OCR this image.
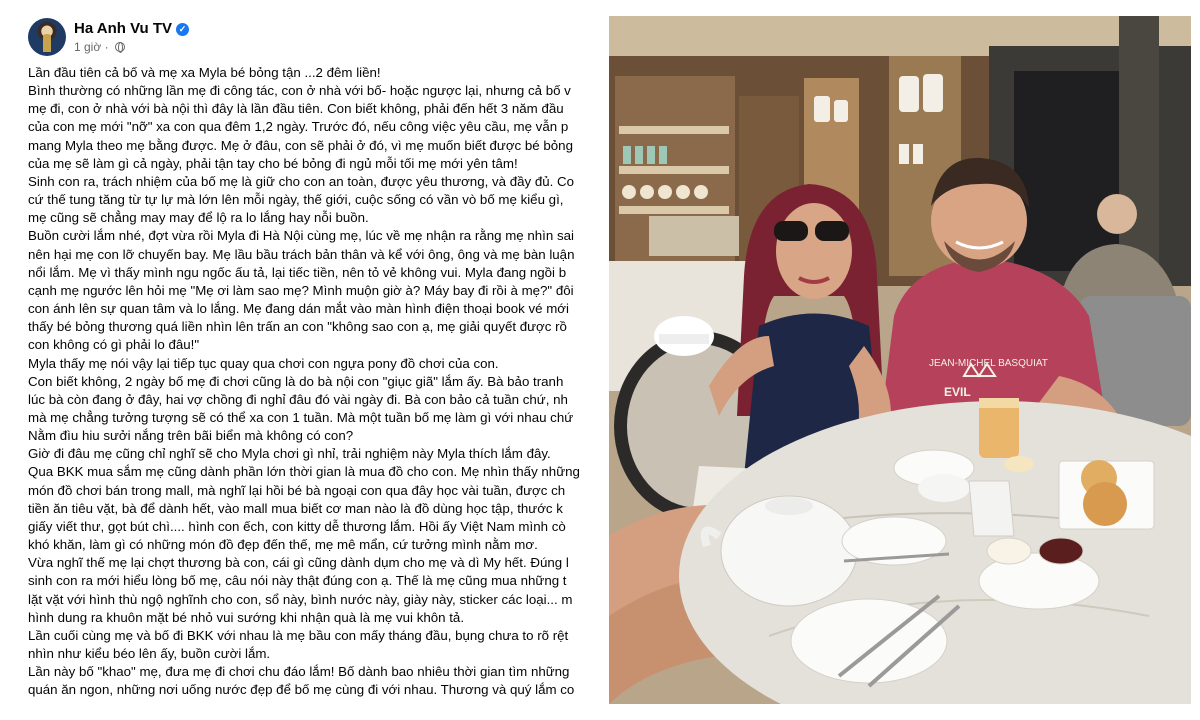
Ha Anh Vu TV ✓
1 giờ ·
Lần đầu tiên cả bố và mẹ xa Myla bé bỏng tận ...2 đêm liền!
Bình thường có những lần mẹ đi công tác, con ở nhà với bố- hoặc ngược lại, nhưng cả bố v
mẹ đi, con ở nhà với bà nội thì đây là lần đầu tiên. Con biết không, phải đến hết 3 năm đầu
của con mẹ mới "nỡ" xa con qua đêm 1,2 ngày. Trước đó, nếu công việc yêu cầu, mẹ vẫn p
mang Myla theo mẹ bằng được. Mẹ ở đâu, con sẽ phải ở đó, vì mẹ muốn biết được bé bỏng
của mẹ sẽ làm gì cả ngày, phải tận tay cho bé bỏng đi ngủ mỗi tối mẹ mới yên tâm!
Sinh con ra, trách nhiệm của bố mẹ là giữ cho con an toàn, được yêu thương, và đầy đủ. Co
cứ thế tung tăng từ tự lự mà lớn lên mỗi ngày, thế giới, cuộc sống có vần vò bố mẹ kiểu gì,
mẹ cũng sẽ chẳng may may để lộ ra lo lắng hay nỗi buồn.
Buồn cười lắm nhé, đợt vừa rồi Myla đi Hà Nội cùng mẹ, lúc về mẹ nhận ra rằng mẹ nhìn sai
nên hại mẹ con lỡ chuyến bay. Mẹ lầu bầu trách bản thân và kể với ông, ông và mẹ bàn luận
nổi lắm. Mẹ vì thấy mình ngu ngốc ấu tả, lại tiếc tiền, nên tỏ vẻ không vui. Myla đang ngồi b
cạnh mẹ ngước lên hỏi mẹ "Mẹ ơi làm sao mẹ? Mình muộn giờ à? Máy bay đi rồi à mẹ?" đôi
con ánh lên sự quan tâm và lo lắng. Mẹ đang dán mắt vào màn hình điện thoại book vé mới
thấy bé bỏng thương quá liền nhìn lên trấn an con "không sao con ạ, mẹ giải quyết được rồ
con không có gì phải lo đâu!"
Myla thấy mẹ nói vậy lại tiếp tục quay qua chơi con ngựa pony đồ chơi của con.
Con biết không, 2 ngày bố mẹ đi chơi cũng là do bà nội con "giục giã" lắm ấy. Bà bảo tranh
lúc bà còn đang ở đây, hai vợ chồng đi nghỉ đâu đó vài ngày đi. Bà con bảo cả tuần chứ, nh
mà mẹ chẳng tưởng tượng sẽ có thể xa con 1 tuần. Mà một tuần bố mẹ làm gì với nhau chứ
Nằm đìu hiu sưởi nắng trên bãi biển mà không có con?
Giờ đi đâu mẹ cũng chỉ nghĩ sẽ cho Myla chơi gì nhỉ, trải nghiệm này Myla thích lắm đây.
Qua BKK mua sắm mẹ cũng dành phần lớn thời gian là mua đồ cho con. Mẹ nhìn thấy những
món đồ chơi bán trong mall, mà nghĩ lại hồi bé bà ngoại con qua đây học vài tuần, được ch
tiền ăn tiêu vặt, bà để dành hết, vào mall mua biết cơ man nào là đồ dùng học tập, thước k
giấy viết thư, gọt bút chì.... hình con ếch, con kitty dễ thương lắm. Hồi ấy Việt Nam mình cò
khó khăn, làm gì có những món đồ đẹp đến thế, mẹ mê mẩn, cứ tưởng mình nằm mơ.
Vừa nghĩ thế mẹ lại chợt thương bà con, cái gì cũng dành dụm cho mẹ và dì My hết. Đúng l
sinh con ra mới hiểu lòng bố mẹ, câu nói này thật đúng con ạ. Thế là mẹ cũng mua những t
lặt vặt với hình thù ngộ nghĩnh cho con, sổ này, bình nước này, giày này, sticker các loại... m
hình dung ra khuôn mặt bé nhỏ vui sướng khi nhận quà là mẹ vui khôn tả.
Lần cuối cùng mẹ và bố đi BKK với nhau là mẹ bầu con mấy tháng đầu, bụng chưa to rõ rệt
nhìn như kiểu béo lên ấy, buồn cười lắm.
Lần này bố "khao" mẹ, đưa mẹ đi chơi chu đáo lắm! Bố dành bao nhiêu thời gian tìm những
quán ăn ngon, những nơi uống nước đẹp để bố mẹ cùng đi với nhau. Thương và quý lắm co
JEAN-MICHEL BASQUIAT
EVIL
